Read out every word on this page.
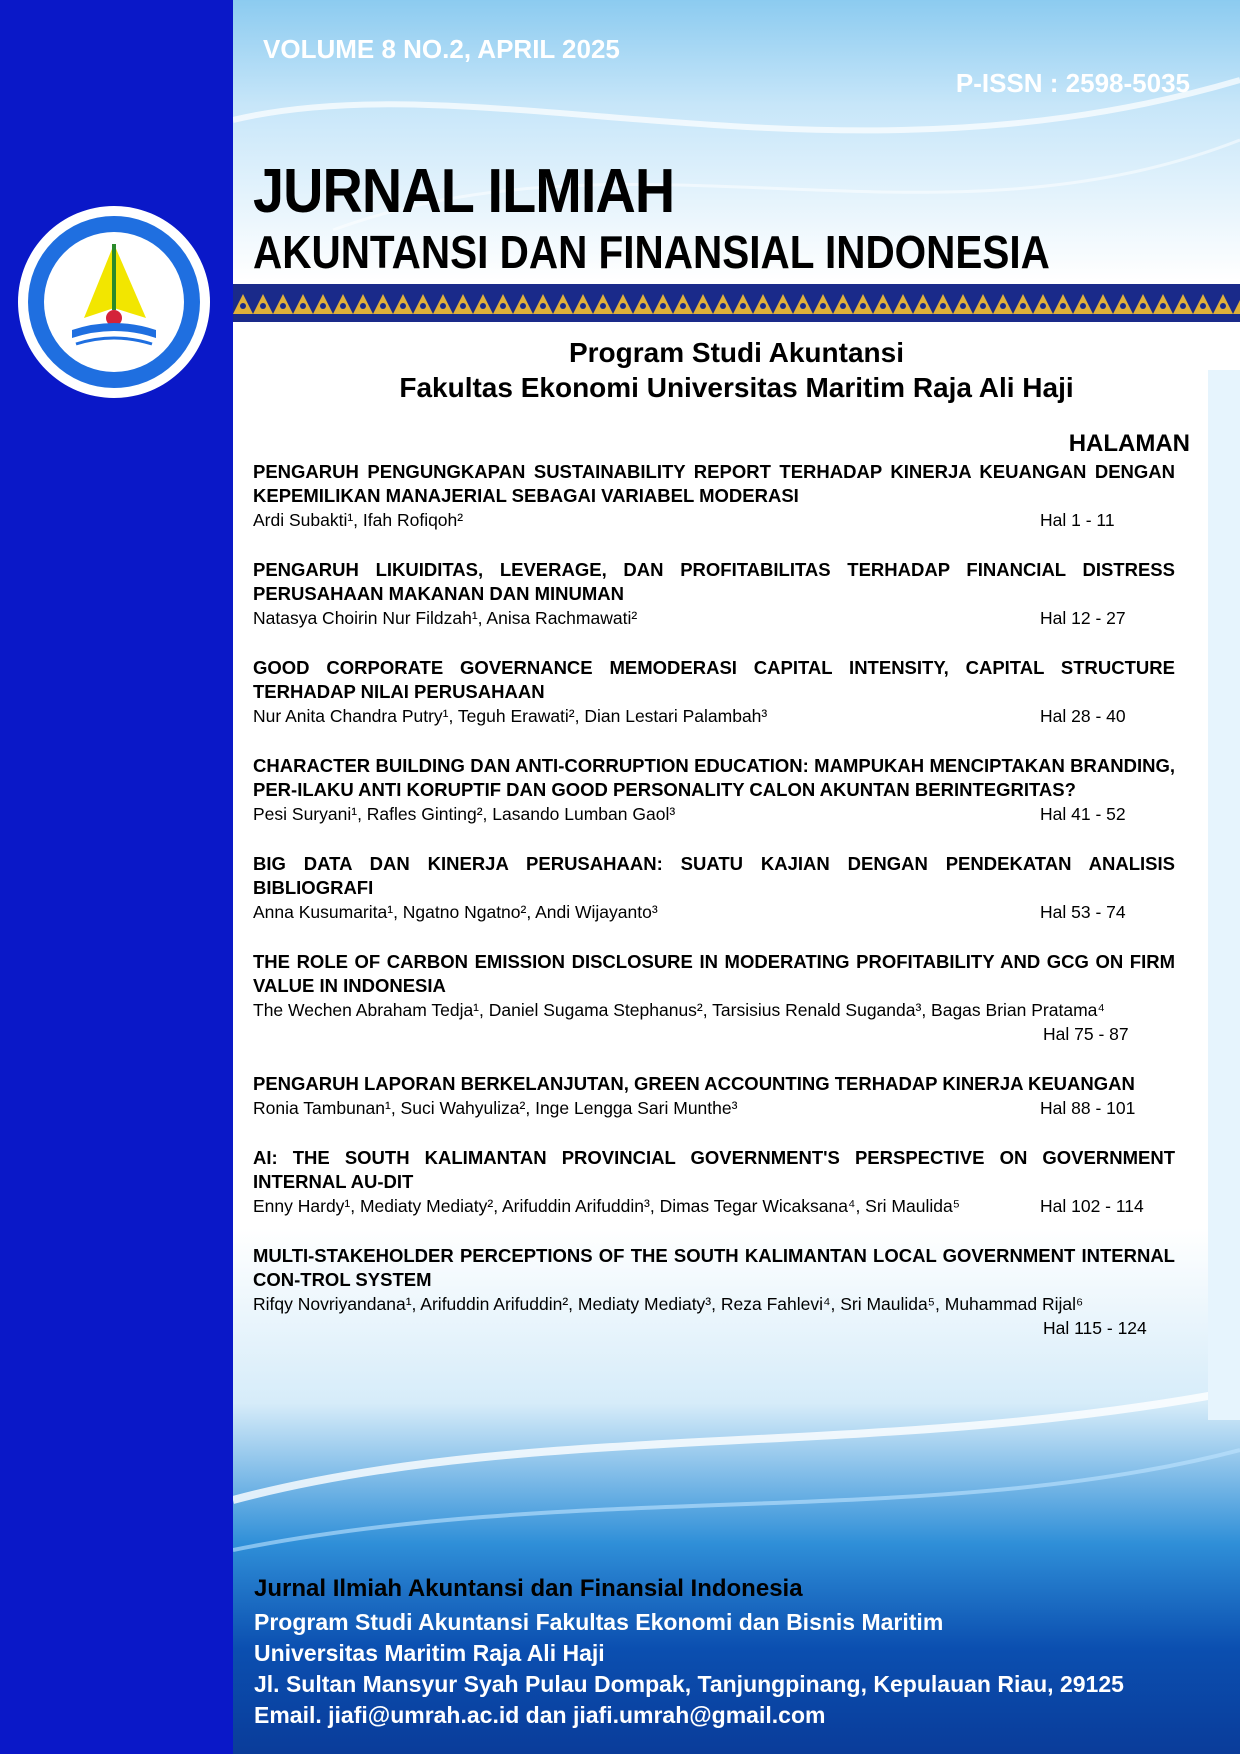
VOLUME 8 NO.2, APRIL 2025
P-ISSN : 2598-5035
JURNAL ILMIAH
AKUNTANSI DAN FINANSIAL INDONESIA
Program Studi Akuntansi
Fakultas Ekonomi Universitas Maritim Raja Ali Haji
HALAMAN
PENGARUH PENGUNGKAPAN SUSTAINABILITY REPORT TERHADAP KINERJA KEUANGAN DENGAN KEPEMILIKAN MANAJERIAL SEBAGAI VARIABEL MODERASI
Ardi Subakti¹, Ifah Rofiqoh²	Hal 1 - 11
PENGARUH LIKUIDITAS, LEVERAGE, DAN PROFITABILITAS TERHADAP FINANCIAL DISTRESS PERUSAHAAN MAKANAN DAN MINUMAN
Natasya Choirin Nur Fildzah¹, Anisa Rachmawati²	Hal 12 - 27
GOOD CORPORATE GOVERNANCE MEMODERASI CAPITAL INTENSITY, CAPITAL STRUCTURE TERHADAP NILAI PERUSAHAAN
Nur Anita Chandra Putry¹, Teguh Erawati², Dian Lestari Palambah³	Hal 28 - 40
CHARACTER BUILDING DAN ANTI-CORRUPTION EDUCATION: MAMPUKAH MENCIPTAKAN BRANDING, PER-ILAKU ANTI KORUPTIF DAN GOOD PERSONALITY CALON AKUNTAN BERINTEGRITAS?
Pesi Suryani¹, Rafles Ginting², Lasando Lumban Gaol³	Hal 41 - 52
BIG DATA DAN KINERJA PERUSAHAAN: SUATU KAJIAN DENGAN PENDEKATAN ANALISIS BIBLIOGRAFI
Anna Kusumarita¹, Ngatno Ngatno², Andi Wijayanto³	Hal 53 - 74
THE ROLE OF CARBON EMISSION DISCLOSURE IN MODERATING PROFITABILITY AND GCG ON FIRM VALUE IN INDONESIA
The Wechen Abraham Tedja¹, Daniel Sugama Stephanus², Tarsisius Renald Suganda³, Bagas Brian Pratama⁴
Hal 75 - 87
PENGARUH LAPORAN BERKELANJUTAN, GREEN ACCOUNTING TERHADAP KINERJA KEUANGAN
Ronia Tambunan¹, Suci Wahyuliza², Inge Lengga Sari Munthe³	Hal 88 - 101
AI: THE SOUTH KALIMANTAN PROVINCIAL GOVERNMENT'S PERSPECTIVE ON GOVERNMENT INTERNAL AU-DIT
Enny Hardy¹, Mediaty Mediaty², Arifuddin Arifuddin³, Dimas Tegar Wicaksana⁴, Sri Maulida⁵	Hal 102 - 114
MULTI-STAKEHOLDER PERCEPTIONS OF THE SOUTH KALIMANTAN LOCAL GOVERNMENT INTERNAL CON-TROL SYSTEM
Rifqy Novriyandana¹, Arifuddin Arifuddin², Mediaty Mediaty³, Reza Fahlevi⁴, Sri Maulida⁵, Muhammad Rijal⁶
Hal 115 - 124
Jurnal Ilmiah Akuntansi dan Finansial Indonesia
Program Studi Akuntansi Fakultas Ekonomi dan Bisnis Maritim
Universitas Maritim Raja Ali Haji
Jl. Sultan Mansyur Syah Pulau Dompak, Tanjungpinang, Kepulauan Riau, 29125
Email. jiafi@umrah.ac.id dan jiafi.umrah@gmail.com
